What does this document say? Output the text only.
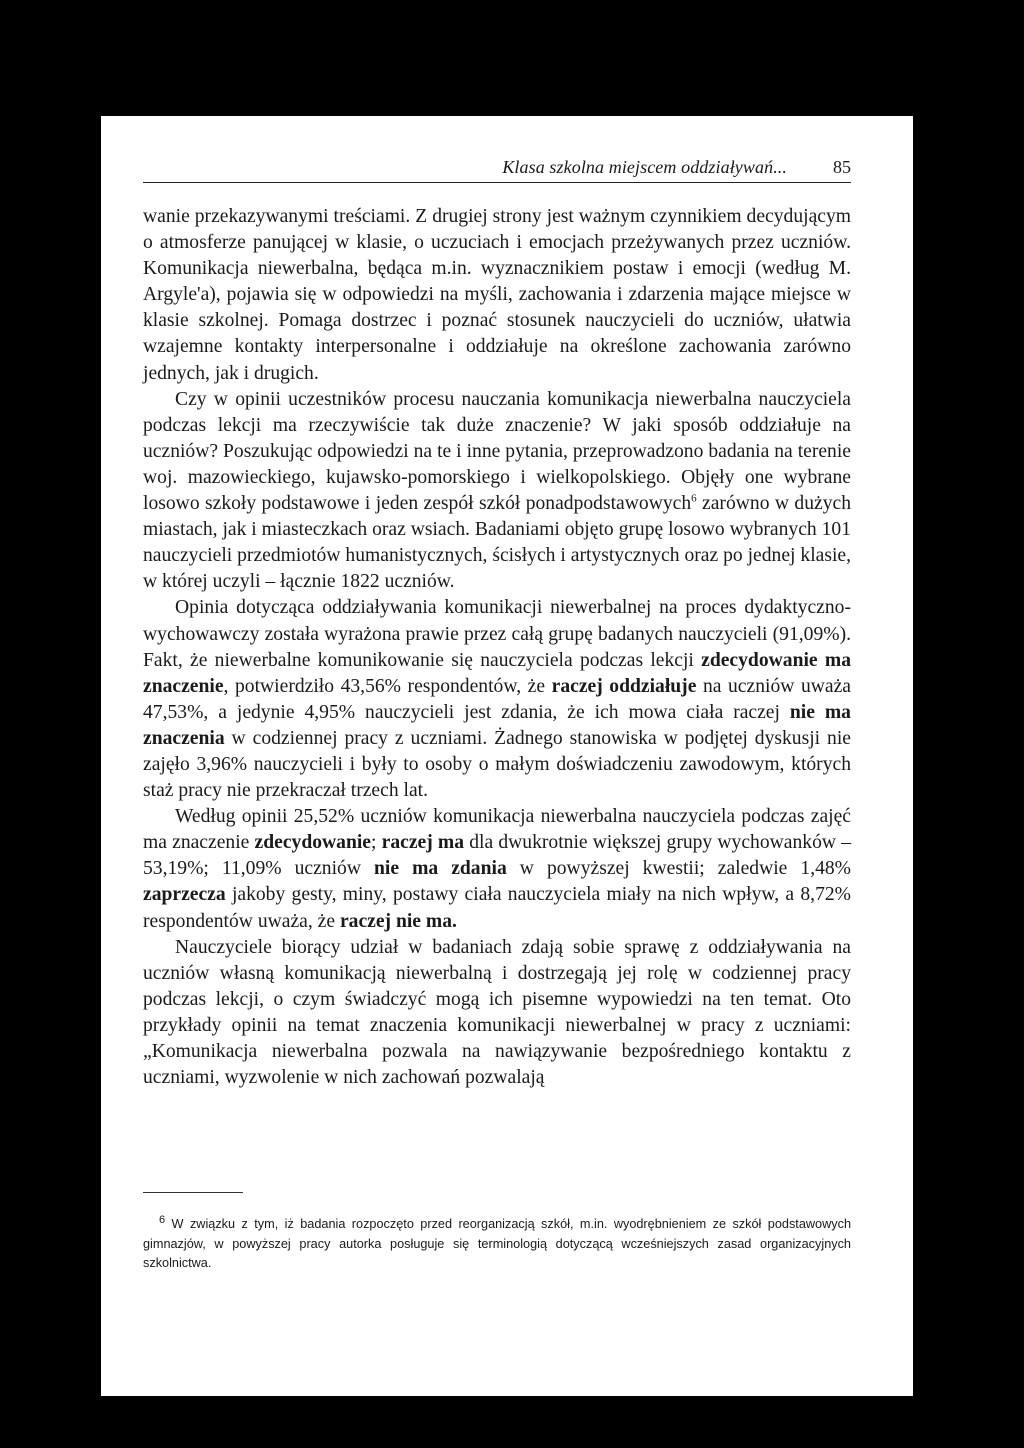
Klasa szkolna miejscem oddziaływań...	85

wanie przekazywanymi treściami. Z drugiej strony jest ważnym czynnikiem decydującym o atmosferze panującej w klasie, o uczuciach i emocjach przeżywanych przez uczniów. Komunikacja niewerbalna, będąca m.in. wyznacznikiem postaw i emocji (według M. Argyle'a), pojawia się w odpowiedzi na myśli, zachowania i zdarzenia mające miejsce w klasie szkolnej. Pomaga dostrzec i poznać stosunek nauczycieli do uczniów, ułatwia wzajemne kontakty interpersonalne i oddziałuje na określone zachowania zarówno jednych, jak i drugich.

Czy w opinii uczestników procesu nauczania komunikacja niewerbalna nauczyciela podczas lekcji ma rzeczywiście tak duże znaczenie? W jaki sposób oddziałuje na uczniów? Poszukując odpowiedzi na te i inne pytania, przeprowadzono badania na terenie woj. mazowieckiego, kujawsko-pomorskiego i wielkopolskiego. Objęły one wybrane losowo szkoły podstawowe i jeden zespół szkół ponadpodstawowych$^6$ zarówno w dużych miastach, jak i miasteczkach oraz wsiach. Badaniami objęto grupę losowo wybranych 101 nauczycieli przedmiotów humanistycznych, ścisłych i artystycznych oraz po jednej klasie, w której uczyli – łącznie 1822 uczniów.

Opinia dotycząca oddziaływania komunikacji niewerbalnej na proces dydaktyczno-wychowawczy została wyrażona prawie przez całą grupę badanych nauczycieli (91,09%). Fakt, że niewerbalne komunikowanie się nauczyciela podczas lekcji zdecydowanie ma znaczenie, potwierdziło 43,56% respondentów, że raczej oddziałuje na uczniów uważa 47,53%, a jedynie 4,95% nauczycieli jest zdania, że ich mowa ciała raczej nie ma znaczenia w codziennej pracy z uczniami. Żadnego stanowiska w podjętej dyskusji nie zajęło 3,96% nauczycieli i były to osoby o małym doświadczeniu zawodowym, których staż pracy nie przekraczał trzech lat.

Według opinii 25,52% uczniów komunikacja niewerbalna nauczyciela podczas zajęć ma znaczenie zdecydowanie; raczej ma dla dwukrotnie większej grupy wychowanków – 53,19%; 11,09% uczniów nie ma zdania w powyższej kwestii; zaledwie 1,48% zaprzecza jakoby gesty, miny, postawy ciała nauczyciela miały na nich wpływ, a 8,72% respondentów uważa, że raczej nie ma.

Nauczyciele biorący udział w badaniach zdają sobie sprawę z oddziaływania na uczniów własną komunikacją niewerbalną i dostrzegają jej rolę w codziennej pracy podczas lekcji, o czym świadczyć mogą ich pisemne wypowiedzi na ten temat. Oto przykłady opinii na temat znaczenia komunikacji niewerbalnej w pracy z uczniami: „Komunikacja niewerbalna pozwala na nawiązywanie bezpośredniego kontaktu z uczniami, wyzwolenie w nich zachowań pozwalają

$^6$ W związku z tym, iż badania rozpoczęto przed reorganizacją szkół, m.in. wyodrębnieniem ze szkół podstawowych gimnazjów, w powyższej pracy autorka posługuje się terminologią dotyczącą wcześniejszych zasad organizacyjnych szkolnictwa.
